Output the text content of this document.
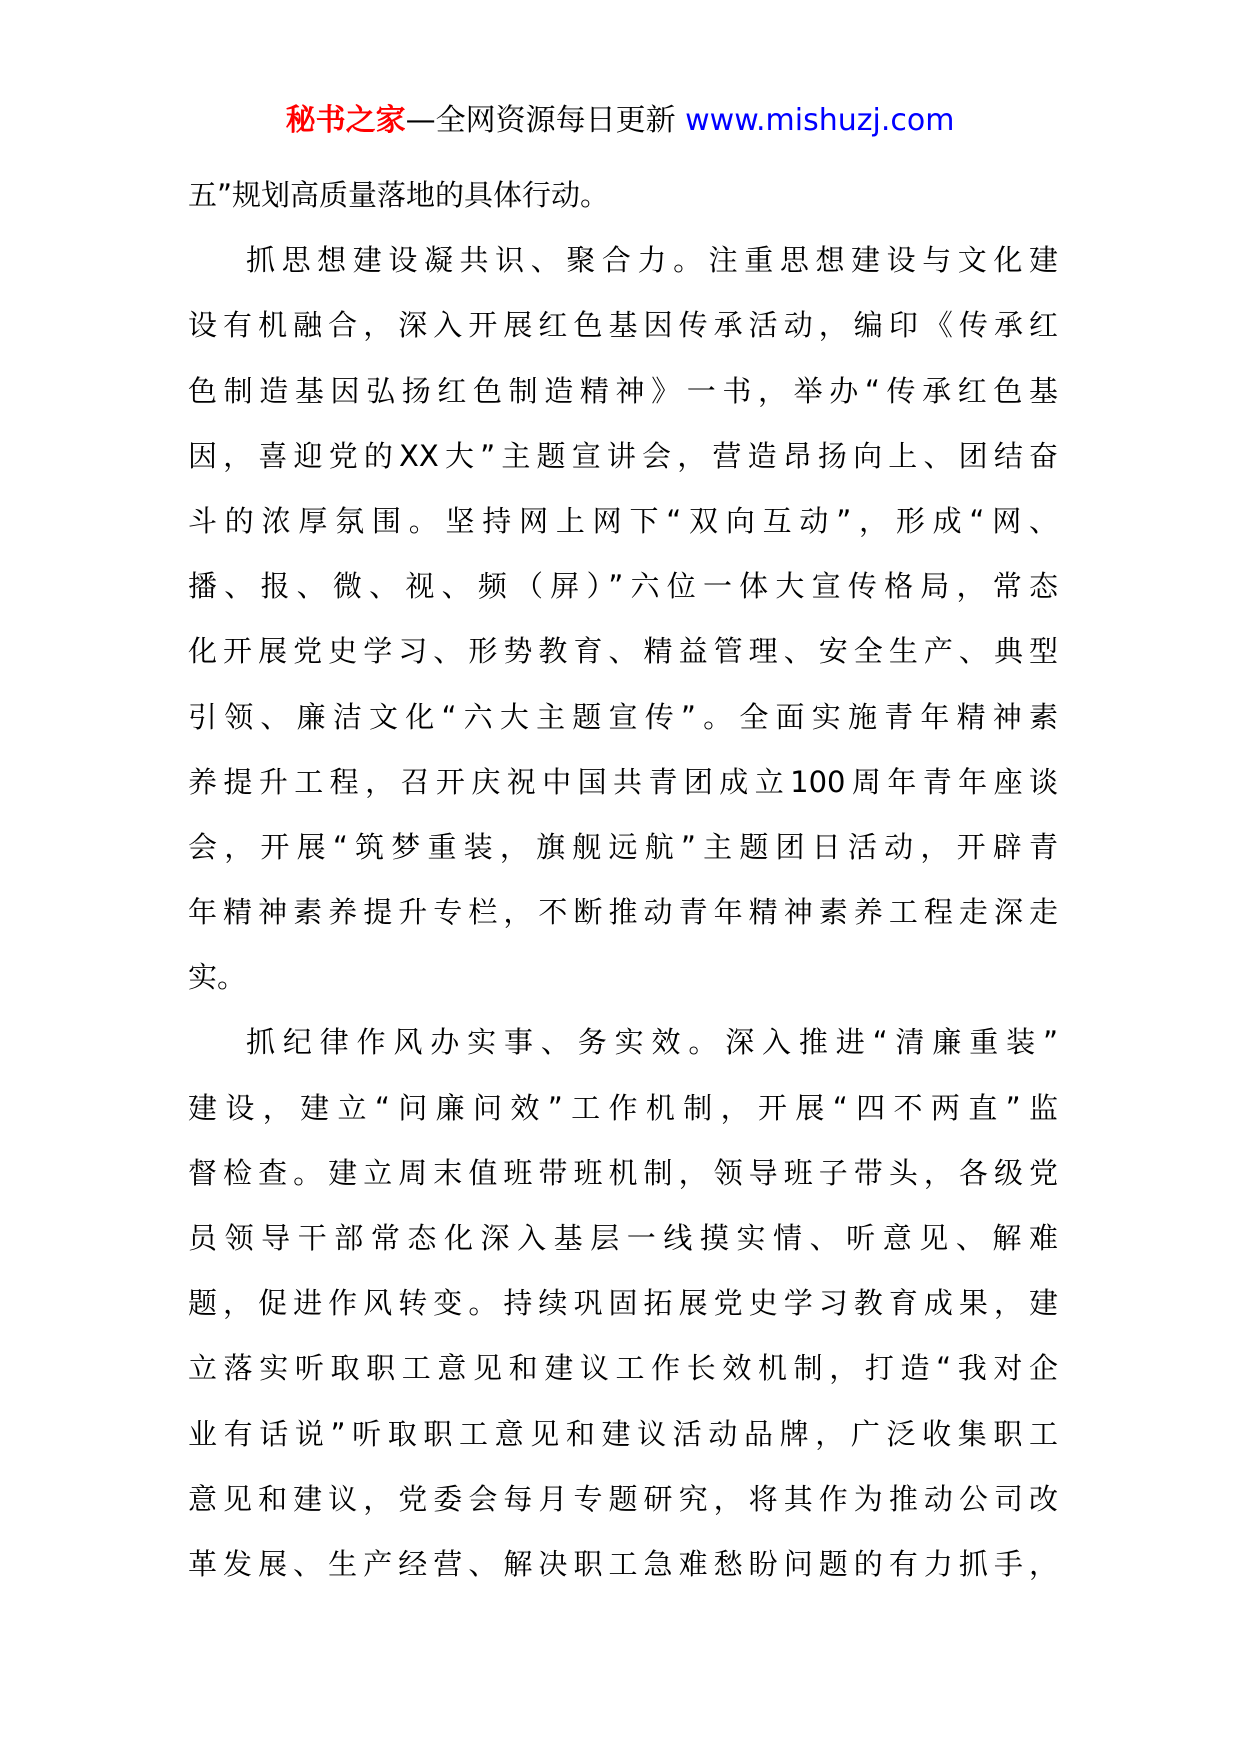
秘书之家—全网资源每日更新 www.mishuzj.com
五”规划高质量落地的具体行动。
抓思想建设凝共识、聚合力。注重思想建设与文化建
设有机融合，深入开展红色基因传承活动，编印《传承红
色制造基因弘扬红色制造精神》一书，举办“传承红色基
因，喜迎党的XX大”主题宣讲会，营造昂扬向上、团结奋
斗的浓厚氛围。坚持网上网下“双向互动”，形成“网、
播、报、微、视、频（屏）”六位一体大宣传格局，常态
化开展党史学习、形势教育、精益管理、安全生产、典型
引领、廉洁文化“六大主题宣传”。全面实施青年精神素
养提升工程，召开庆祝中国共青团成立100周年青年座谈
会，开展“筑梦重装，旗舰远航”主题团日活动，开辟青
年精神素养提升专栏，不断推动青年精神素养工程走深走
实。
抓纪律作风办实事、务实效。深入推进“清廉重装”
建设，建立“问廉问效”工作机制，开展“四不两直”监
督检查。建立周末值班带班机制，领导班子带头，各级党
员领导干部常态化深入基层一线摸实情、听意见、解难
题，促进作风转变。持续巩固拓展党史学习教育成果，建
立落实听取职工意见和建议工作长效机制，打造“我对企
业有话说”听取职工意见和建议活动品牌，广泛收集职工
意见和建议，党委会每月专题研究，将其作为推动公司改
革发展、生产经营、解决职工急难愁盼问题的有力抓手，
